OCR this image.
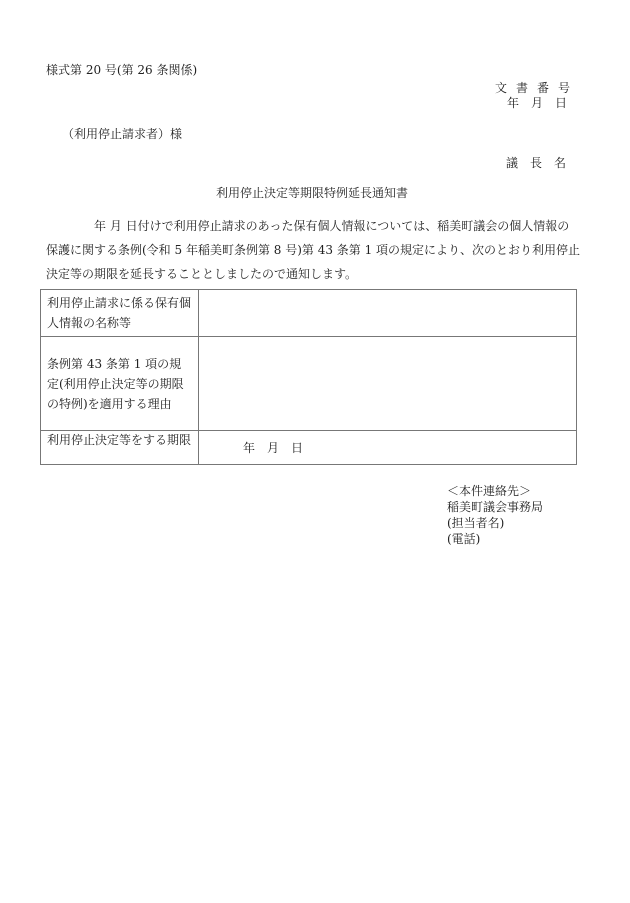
様式第 20 号(第 26 条関係)
文書番号
年　月　日
（利用停止請求者）様
議長名
利用停止決定等期限特例延長通知書
年 月 日付けで利用停止請求のあった保有個人情報については、稲美町議会の個人情報の
保護に関する条例(令和 5 年稲美町条例第 8 号)第 43 条第 1 項の規定により、次のとおり利用停止
決定等の期限を延長することとしましたので通知します。
利用停止請求に係る保有個人情報の名称等	
条例第 43 条第 1 項の規定(利用停止決定等の期限の特例)を適用する理由	
利用停止決定等をする期限	年　月　日
＜本件連絡先＞
稲美町議会事務局
(担当者名)
(電話)
